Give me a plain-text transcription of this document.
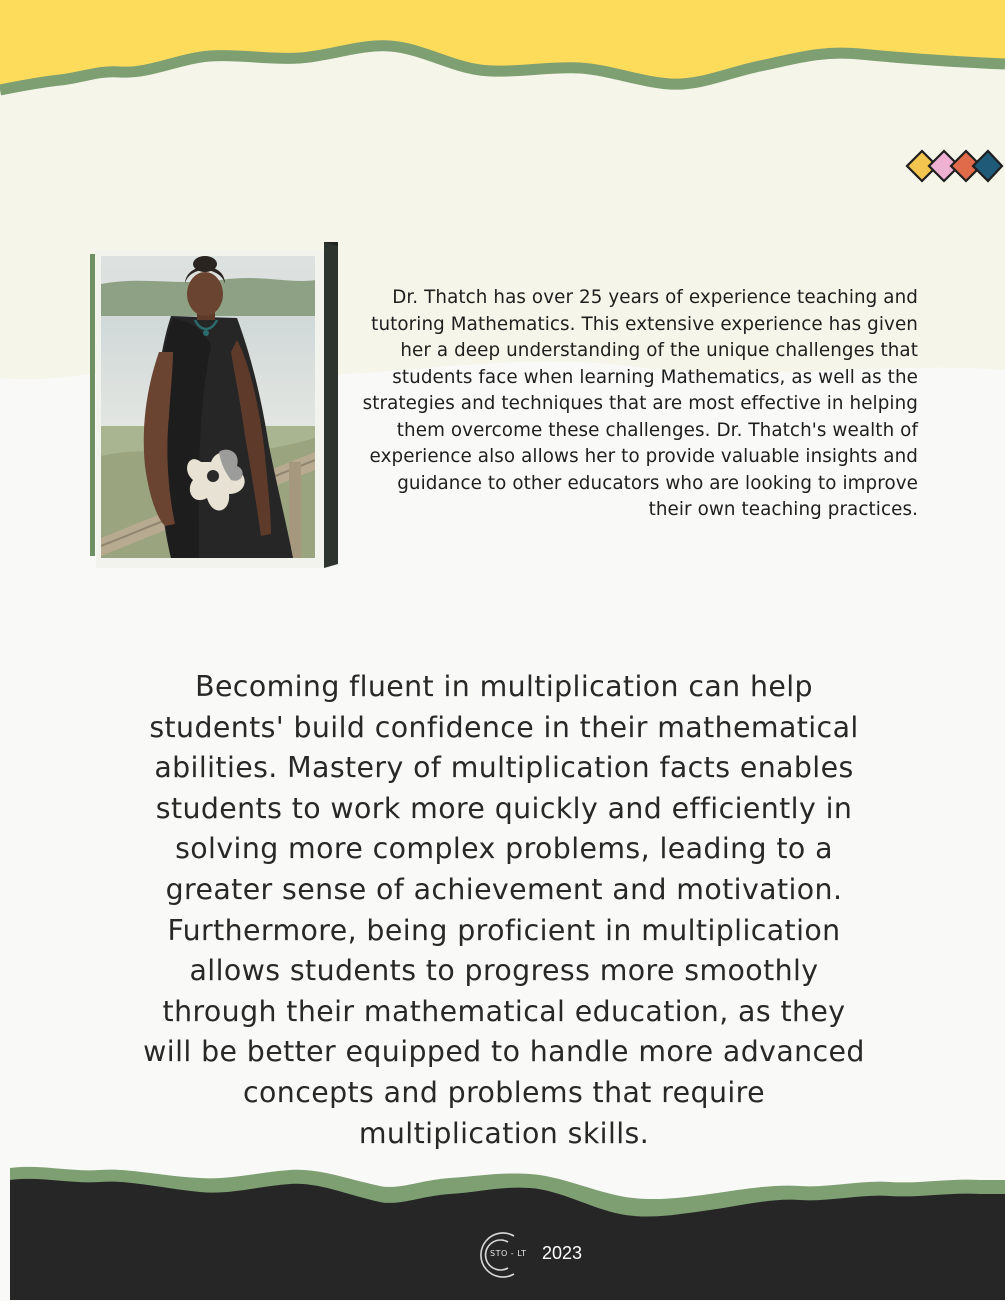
Dr. Thatch has over 25 years of experience teaching and tutoring Mathematics. This extensive experience has given her a deep understanding of the unique challenges that students face when learning Mathematics, as well as the strategies and techniques that are most effective in helping them overcome these challenges. Dr. Thatch's wealth of experience also allows her to provide valuable insights and guidance to other educators who are looking to improve their own teaching practices.

Becoming fluent in multiplication can help students' build confidence in their mathematical abilities. Mastery of multiplication facts enables students to work more quickly and efficiently in solving more complex problems, leading to a greater sense of achievement and motivation. Furthermore, being proficient in multiplication allows students to progress more smoothly through their mathematical education, as they will be better equipped to handle more advanced concepts and problems that require multiplication skills.

STO - LT 2023
